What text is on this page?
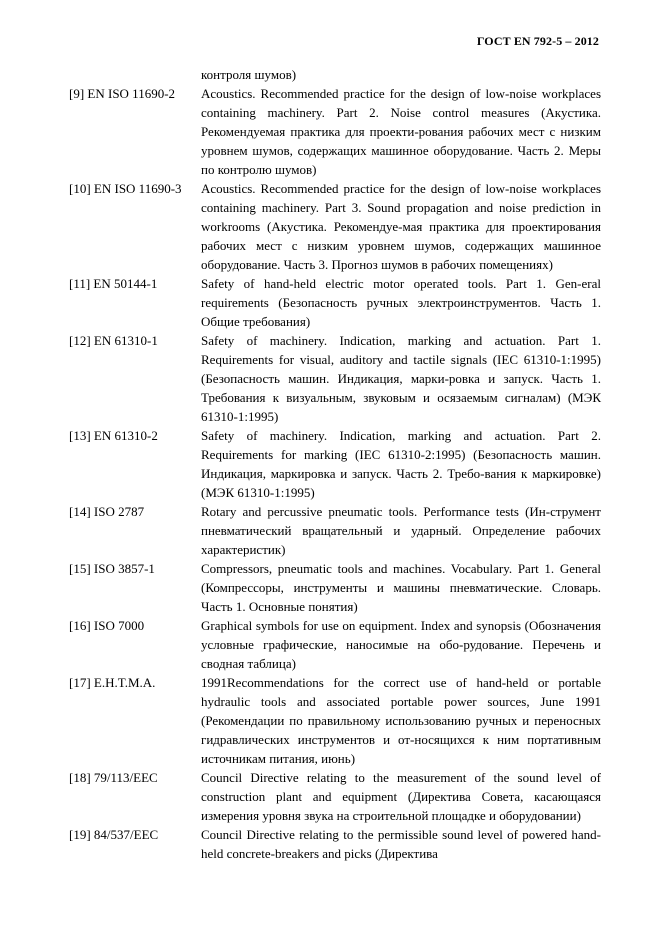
ГОСТ EN 792-5 – 2012
контроля шумов)
[9] EN ISO 11690-2	Acoustics. Recommended practice for the design of low-noise workplaces containing machinery. Part 2. Noise control measures (Акустика. Рекомендуемая практика для проекти-рования рабочих мест с низким уровнем шумов, содержащих машинное оборудование. Часть 2. Меры по контролю шумов)
[10] EN ISO 11690-3	Acoustics. Recommended practice for the design of low-noise workplaces containing machinery. Part 3. Sound propagation and noise prediction in workrooms (Акустика. Рекомендуе-мая практика для проектирования рабочих мест с низким уровнем шумов, содержащих машинное оборудование. Часть 3. Прогноз шумов в рабочих помещениях)
[11] EN 50144-1	Safety of hand-held electric motor operated tools. Part 1. Gen-eral requirements (Безопасность ручных электроинструментов. Часть 1. Общие требования)
[12] EN 61310-1	Safety of machinery. Indication, marking and actuation. Part 1. Requirements for visual, auditory and tactile signals (IEC 61310-1:1995) (Безопасность машин. Индикация, марки-ровка и запуск. Часть 1. Требования к визуальным, звуковым и осязаемым сигналам) (МЭК 61310-1:1995)
[13] EN 61310-2	Safety of machinery. Indication, marking and actuation. Part 2. Requirements for marking (IEC 61310-2:1995) (Безопасность машин. Индикация, маркировка и запуск. Часть 2. Требо-вания к маркировке) (МЭК 61310-1:1995)
[14] ISO 2787	Rotary and percussive pneumatic tools. Performance tests (Ин-струмент пневматический вращательный и ударный. Определение рабочих характеристик)
[15] ISO 3857-1	Compressors, pneumatic tools and machines. Vocabulary. Part 1. General (Компрессоры, инструменты и машины пневматические. Словарь. Часть 1. Основные понятия)
[16] ISO 7000	Graphical symbols for use on equipment. Index and synopsis (Обозначения условные графические, наносимые на обо-рудование. Перечень и сводная таблица)
[17] E.H.T.M.A.	1991Recommendations for the correct use of hand-held or portable hydraulic tools and associated portable power sources, June 1991 (Рекомендации по правильному использованию ручных и переносных гидравлических инструментов и от-носящихся к ним портативным источникам питания, июнь)
[18] 79/113/EEC	Council Directive relating to the measurement of the sound level of construction plant and equipment (Директива Совета, касающаяся измерения уровня звука на строительной площадке и оборудовании)
[19] 84/537/EEC	Council Directive relating to the permissible sound level of powered hand-held concrete-breakers and picks (Директива
